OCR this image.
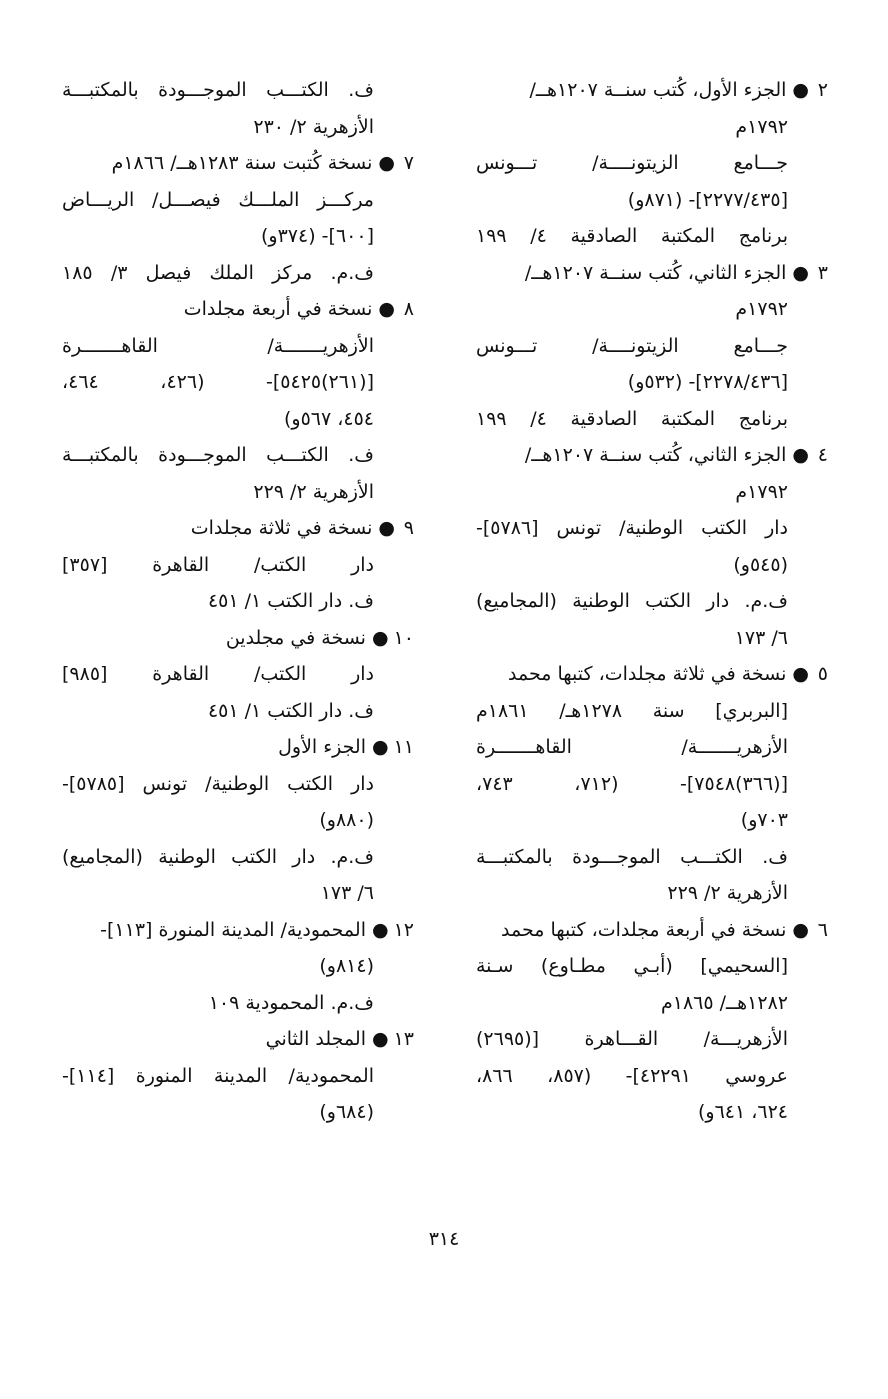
٢●الجزء الأول، كُتب سنــة ١٢٠٧هــ/
١٧٩٢م
جـــامع الزيتونــــة/ تـــونس
[٢٢٧٧/٤٣٥]- (٨٧١و)
برنامج المكتبة الصادقية ٤/ ١٩٩
٣●الجزء الثاني، كُتب سنــة ١٢٠٧هــ/
١٧٩٢م
جـــامع الزيتونــــة/ تـــونس
[٢٢٧٨/٤٣٦]- (٥٣٢و)
برنامج المكتبة الصادقية ٤/ ١٩٩
٤●الجزء الثاني، كُتب سنــة ١٢٠٧هــ/
١٧٩٢م
دار الكتب الوطنية/ تونس [٥٧٨٦]-
(٥٤٥و)
ف.م. دار الكتب الوطنية (المجاميع)
٦/ ١٧٣
٥●نسخة في ثلاثة مجلدات، كتبها محمد
[البربري] سنة ١٢٧٨هـ/ ١٨٦١م
الأزهريـــــــة/ القاهـــــــرة
[(٣٦٦)٧٥٤٨]- (٧١٢، ٧٤٣،
٧٠٣و)
ف. الكتـــب الموجـــودة بالمكتبـــة
الأزهرية ٢/ ٢٢٩
٦●نسخة في أربعة مجلدات، كتبها محمد
[السحيمي] (أبـي مطـاوع) سـنة
١٢٨٢هــ/ ١٨٦٥م
الأزهريـــة/ القـــاهرة [(٢٦٩٥)
عروسي ٤٢٢٩١]- (٨٥٧، ٨٦٦،
٦٢٤، ٦٤١و)
ف. الكتـــب الموجـــودة بالمكتبـــة
الأزهرية ٢/ ٢٣٠
٧●نسخة كُتبت سنة ١٢٨٣هــ/ ١٨٦٦م
مركـــز الملـــك فيصـــل/ الريـــاض
[٦٠٠]- (٣٧٤و)
ف.م. مركز الملك فيصل ٣/ ١٨٥
٨●نسخة في أربعة مجلدات
الأزهريـــــــة/ القاهـــــــرة
[(٢٦١)٥٤٢٥]- (٤٢٦، ٤٦٤،
٤٥٤، ٥٦٧و)
ف. الكتـــب الموجـــودة بالمكتبـــة
الأزهرية ٢/ ٢٢٩
٩●نسخة في ثلاثة مجلدات
دار الكتب/ القاهرة [٣٥٧]
ف. دار الكتب ١/ ٤٥١
١٠●نسخة في مجلدين
دار الكتب/ القاهرة [٩٨٥]
ف. دار الكتب ١/ ٤٥١
١١●الجزء الأول
دار الكتب الوطنية/ تونس [٥٧٨٥]-
(٨٨٠و)
ف.م. دار الكتب الوطنية (المجاميع)
٦/ ١٧٣
١٢●المحمودية/ المدينة المنورة [١١٣]-
(٨١٤و)
ف.م. المحمودية ١٠٩
١٣●المجلد الثاني
المحمودية/ المدينة المنورة [١١٤]-
(٦٨٤و)
٣١٤
